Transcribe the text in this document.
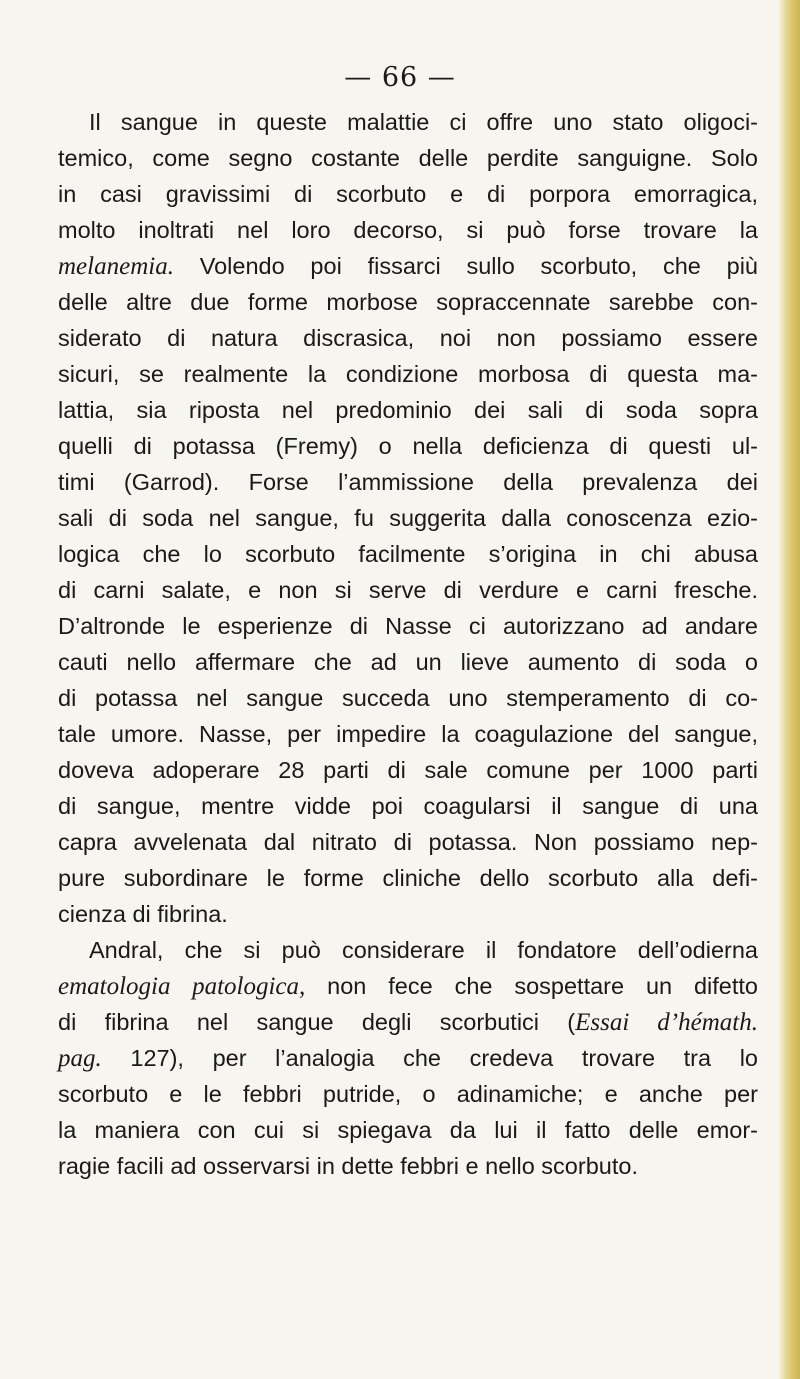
— 66 —
Il sangue in queste malattie ci offre uno stato oligoci-
temico, come segno costante delle perdite sanguigne. Solo
in casi gravissimi di scorbuto e di porpora emorragica,
molto inoltrati nel loro decorso, si può forse trovare la
melanemia. Volendo poi fissarci sullo scorbuto, che più
delle altre due forme morbose sopraccennate sarebbe con-
siderato di natura discrasica, noi non possiamo essere
sicuri, se realmente la condizione morbosa di questa ma-
lattia, sia riposta nel predominio dei sali di soda sopra
quelli di potassa (Fremy) o nella deficienza di questi ul-
timi (Garrod). Forse l’ammissione della prevalenza dei
sali di soda nel sangue, fu suggerita dalla conoscenza ezio-
logica che lo scorbuto facilmente s’origina in chi abusa
di carni salate, e non si serve di verdure e carni fresche.
D’altronde le esperienze di Nasse ci autorizzano ad andare
cauti nello affermare che ad un lieve aumento di soda o
di potassa nel sangue succeda uno stemperamento di co-
tale umore. Nasse, per impedire la coagulazione del sangue,
doveva adoperare 28 parti di sale comune per 1000 parti
di sangue, mentre vidde poi coagularsi il sangue di una
capra avvelenata dal nitrato di potassa. Non possiamo nep-
pure subordinare le forme cliniche dello scorbuto alla defi-
cienza di fibrina.
Andral, che si può considerare il fondatore dell’odierna
ematologia patologica, non fece che sospettare un difetto
di fibrina nel sangue degli scorbutici (Essai d’hémath.
pag. 127), per l’analogia che credeva trovare tra lo
scorbuto e le febbri putride, o adinamiche; e anche per
la maniera con cui si spiegava da lui il fatto delle emor-
ragie facili ad osservarsi in dette febbri e nello scorbuto.
